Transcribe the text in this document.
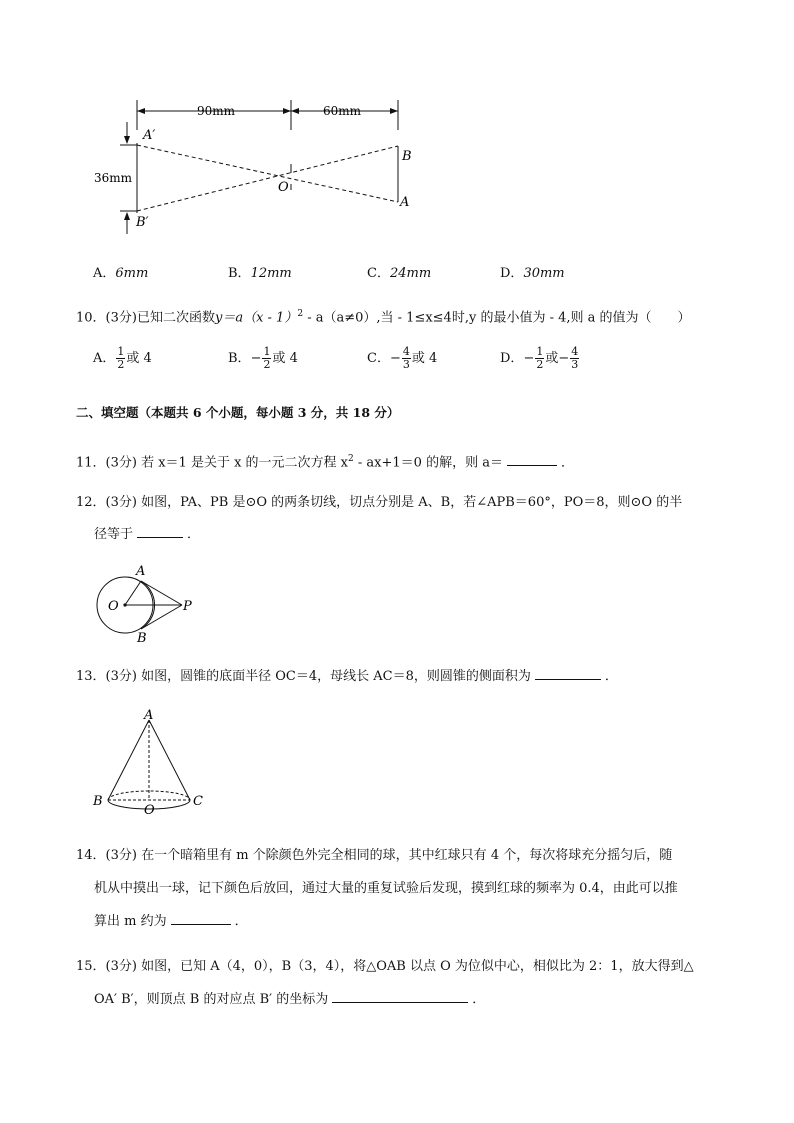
90mm	60mm
36mm
A′
B′
O
B
A
A．6mm	B．12mm	C．24mm	D．30mm
10．(3分)已知二次函数y＝a（x - 1）$^2$ - a（a≠0）,当 - 1≤x≤4时,y 的最小值为 - 4,则 a 的值为（　　）
A． $\frac{1}{2}$ 或 4	B．− $\frac{1}{2}$ 或 4	C．− $\frac{4}{3}$ 或 4	D．− $\frac{1}{2}$ 或− $\frac{4}{3}$
二、填空题（本题共 6 个小题，每小题 3 分，共 18 分）
11．(3分) 若 x＝1 是关于 x 的一元二次方程 $x^2 - ax+1=0$ 的解，则 a＝	．
12．(3分) 如图，PA、PB 是⊙O 的两条切线，切点分别是 A、B，若∠APB＝60°，PO＝8，则⊙O 的半
径等于	．
A
O	P
B
13．(3分) 如图，圆锥的底面半径 OC＝4，母线长 AC＝8，则圆锥的侧面积为	．
A
B
O
C
14．(3分) 在一个暗箱里有 m 个除颜色外完全相同的球，其中红球只有 4 个，每次将球充分摇匀后，随
机从中摸出一球，记下颜色后放回，通过大量的重复试验后发现，摸到红球的频率为 0.4，由此可以推
算出 m 约为	．
15．(3分) 如图，已知 A（4，0），B（3，4），将△OAB 以点 O 为位似中心，相似比为 2：1，放大得到△
OA′ B′，则顶点 B 的对应点 B′ 的坐标为	．
